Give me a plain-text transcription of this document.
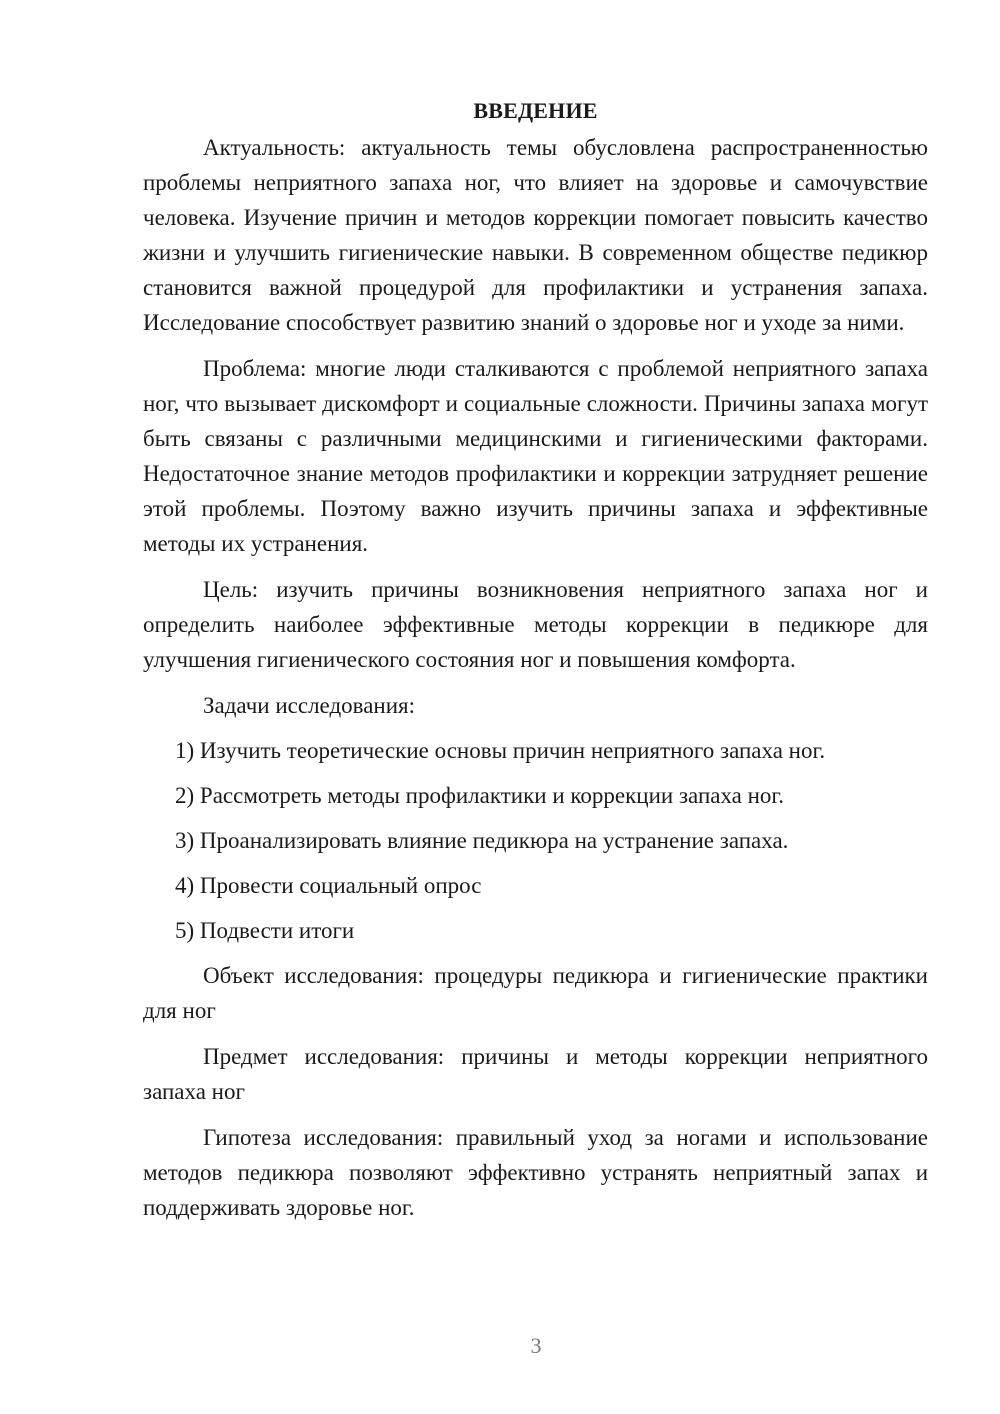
ВВЕДЕНИЕ

Актуальность: актуальность темы обусловлена распространенностью проблемы неприятного запаха ног, что влияет на здоровье и самочувствие человека. Изучение причин и методов коррекции помогает повысить качество жизни и улучшить гигиенические навыки. В современном обществе педикюр становится важной процедурой для профилактики и устранения запаха. Исследование способствует развитию знаний о здоровье ног и уходе за ними.

Проблема: многие люди сталкиваются с проблемой неприятного запаха ног, что вызывает дискомфорт и социальные сложности. Причины запаха могут быть связаны с различными медицинскими и гигиеническими факторами. Недостаточное знание методов профилактики и коррекции затрудняет решение этой проблемы. Поэтому важно изучить причины запаха и эффективные методы их устранения.

Цель: изучить причины возникновения неприятного запаха ног и определить наиболее эффективные методы коррекции в педикюре для улучшения гигиенического состояния ног и повышения комфорта.

Задачи исследования:

1) Изучить теоретические основы причин неприятного запаха ног.

2) Рассмотреть методы профилактики и коррекции запаха ног.

3) Проанализировать влияние педикюра на устранение запаха.

4) Провести социальный опрос

5) Подвести итоги

Объект исследования: процедуры педикюра и гигиенические практики для ног

Предмет исследования: причины и методы коррекции неприятного запаха ног

Гипотеза исследования: правильный уход за ногами и использование методов педикюра позволяют эффективно устранять неприятный запах и поддерживать здоровье ног.

3
